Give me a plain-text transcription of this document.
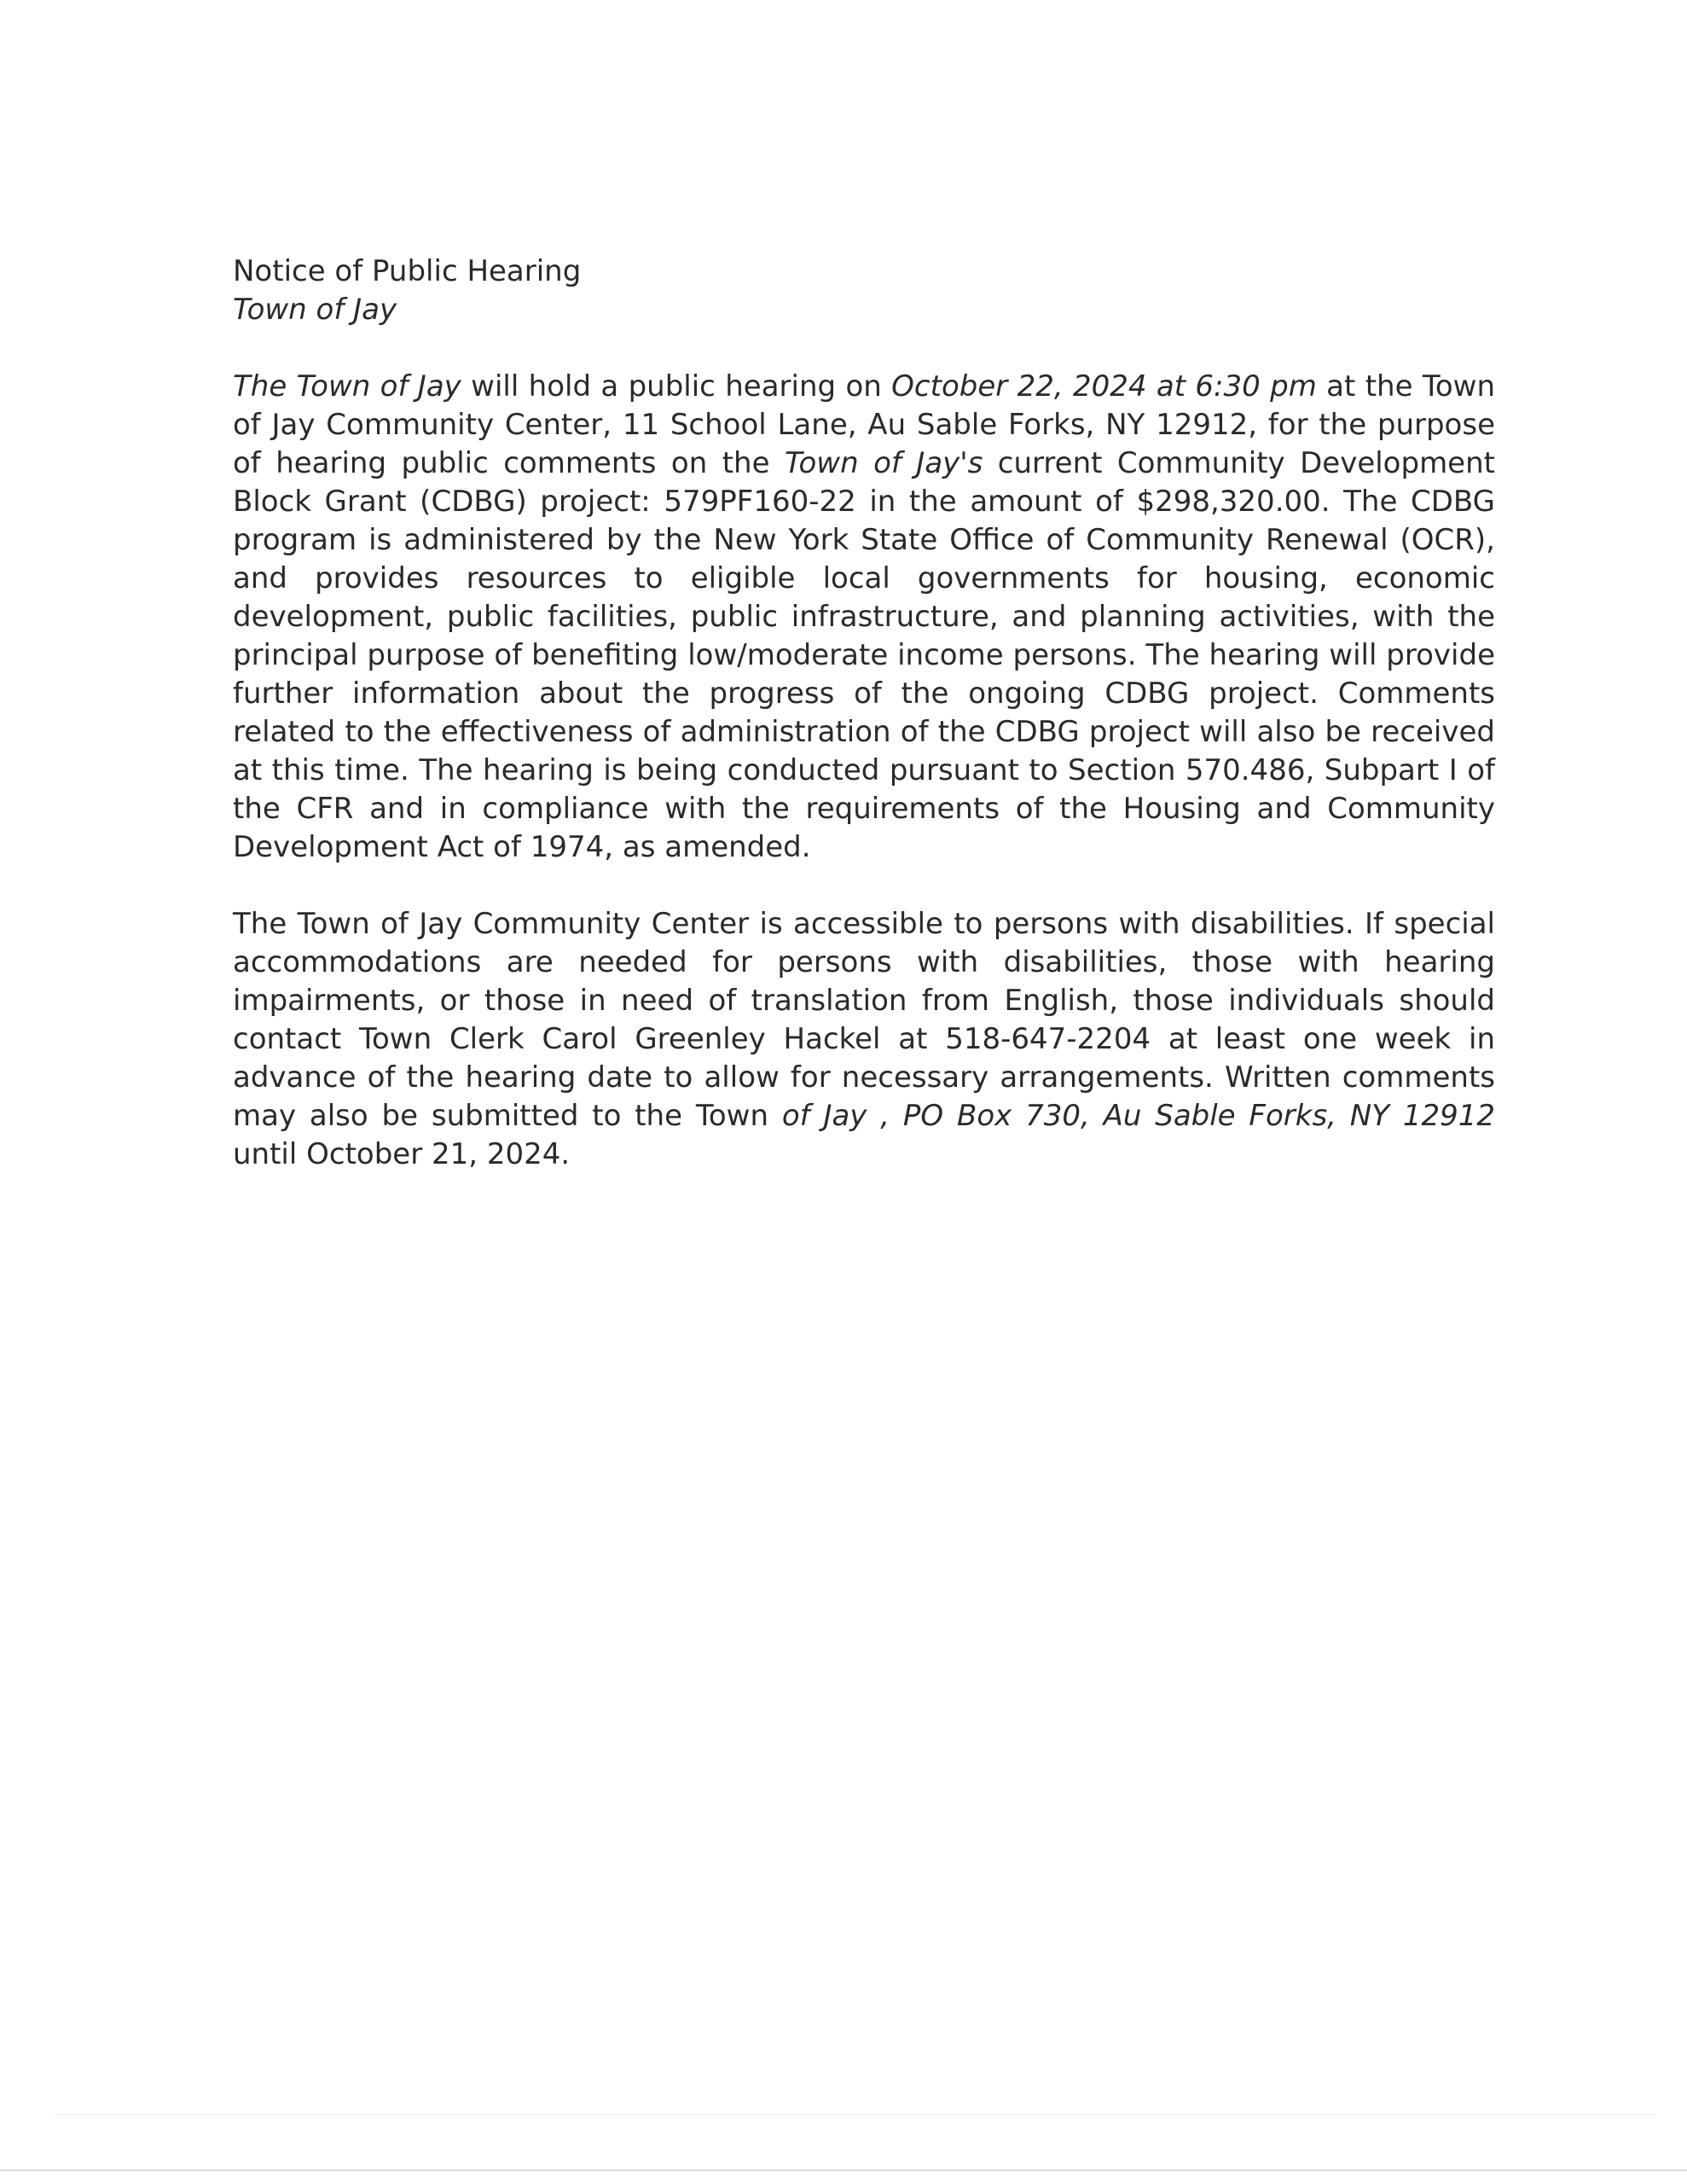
Notice of Public Hearing
Town of Jay

The Town of Jay will hold a public hearing on October 22, 2024 at 6:30 pm at the Town of Jay Community Center, 11 School Lane, Au Sable Forks, NY 12912, for the purpose of hearing public comments on the Town of Jay's current Community Development Block Grant (CDBG) project: 579PF160-22 in the amount of $298,320.00. The CDBG program is administered by the New York State Office of Community Renewal (OCR), and provides resources to eligible local governments for housing, economic development, public facilities, public infrastructure, and planning activities, with the principal purpose of benefiting low/moderate income persons. The hearing will provide further information about the progress of the ongoing CDBG project. Comments related to the effectiveness of administration of the CDBG project will also be received at this time. The hearing is being conducted pursuant to Section 570.486, Subpart I of the CFR and in compliance with the requirements of the Housing and Community Development Act of 1974, as amended.

The Town of Jay Community Center is accessible to persons with disabilities. If special accommodations are needed for persons with disabilities, those with hearing impairments, or those in need of translation from English, those individuals should contact Town Clerk Carol Greenley Hackel at 518-647-2204 at least one week in advance of the hearing date to allow for necessary arrangements. Written comments may also be submitted to the Town of Jay , PO Box 730, Au Sable Forks, NY 12912 until October 21, 2024.
